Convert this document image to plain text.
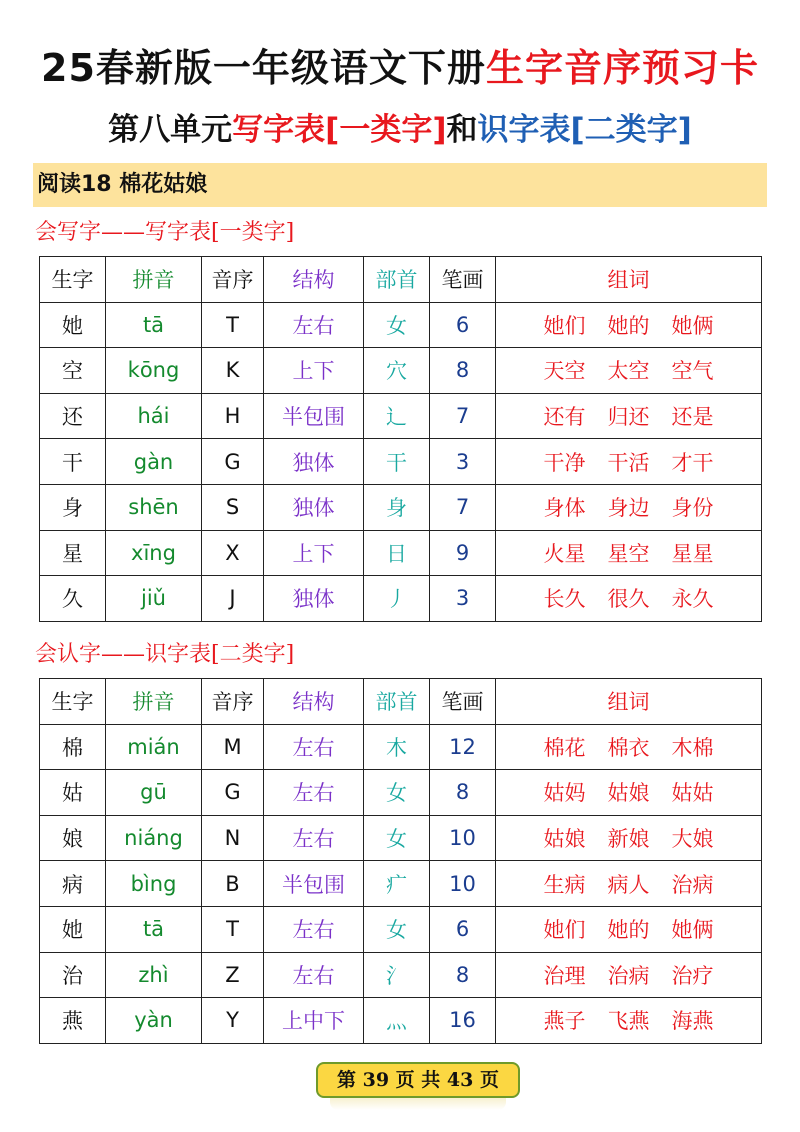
25春新版一年级语文下册生字音序预习卡
第八单元写字表[一类字]和识字表[二类字]
阅读18 棉花姑娘
会写字——写字表[一类字]
生字	拼音	音序	结构	部首	笔画	组词
她	tā	T	左右	女	6	她们 她的 她俩
空	kōng	K	上下	穴	8	天空 太空 空气
还	hái	H	半包围	辶	7	还有 归还 还是
干	gàn	G	独体	干	3	干净 干活 才干
身	shēn	S	独体	身	7	身体 身边 身份
星	xīng	X	上下	日	9	火星 星空 星星
久	jiǔ	J	独体	丿	3	长久 很久 永久
会认字——识字表[二类字]
生字	拼音	音序	结构	部首	笔画	组词
棉	mián	M	左右	木	12	棉花 棉衣 木棉
姑	gū	G	左右	女	8	姑妈 姑娘 姑姑
娘	niáng	N	左右	女	10	姑娘 新娘 大娘
病	bìng	B	半包围	疒	10	生病 病人 治病
她	tā	T	左右	女	6	她们 她的 她俩
治	zhì	Z	左右	氵	8	治理 治病 治疗
燕	yàn	Y	上中下	灬	16	燕子 飞燕 海燕
第 39 页 共 43 页
